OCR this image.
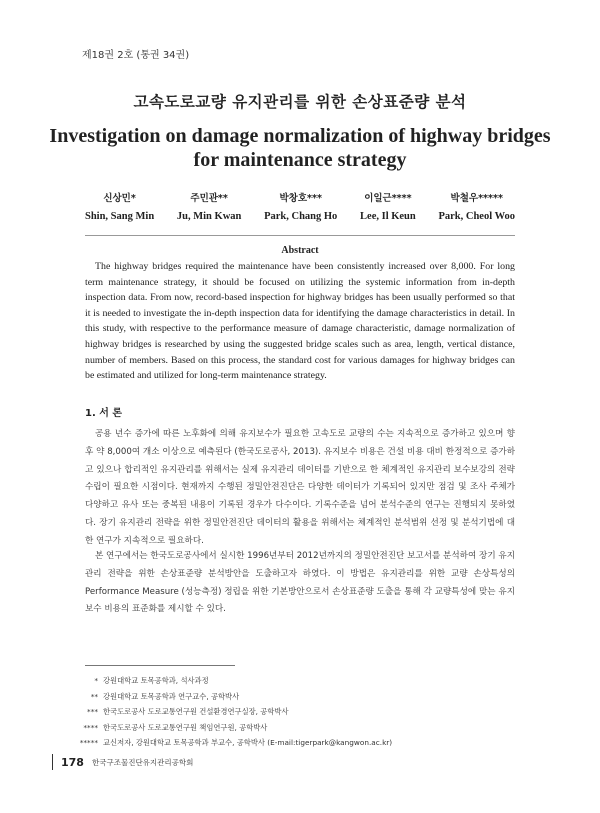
제18권 2호 (통권 34권)
고속도로교량 유지관리를 위한 손상표준량 분석
Investigation on damage normalization of highway bridges
for maintenance strategy
신상민*
Shin, Sang Min
주민관**
Ju, Min Kwan
박창호***
Park, Chang Ho
이일근****
Lee, Il Keun
박철우*****
Park, Cheol Woo
Abstract

The highway bridges required the maintenance have been consistently increased over 8,000. For long term maintenance strategy, it should be focused on utilizing the systemic information from in-depth inspection data. From now, record-based inspection for highway bridges has been usually performed so that it is needed to investigate the in-depth inspection data for identifying the damage characteristics in detail. In this study, with respective to the performance measure of damage characteristic, damage normalization of highway bridges is researched by using the suggested bridge scales such as area, length, vertical distance, number of members. Based on this process, the standard cost for various damages for highway bridges can be estimated and utilized for long-term maintenance strategy.

1. 서 론

공용 년수 증가에 따른 노후화에 의해 유지보수가 필요한 고속도로 교량의 수는 지속적으로 증가하고 있으며 향후 약 8,000여 개소 이상으로 예측된다 (한국도로공사, 2013). 유지보수 비용은 건설 비용 대비 한정적으로 증가하고 있으나 합리적인 유지관리를 위해서는 실제 유지관리 데이터를 기반으로 한 체계적인 유지관리 보수보강의 전략수립이 필요한 시점이다. 현재까지 수행된 정밀안전진단은 다양한 데이터가 기록되어 있지만 점검 및 조사 주체가 다양하고 유사 또는 중복된 내용이 기록된 경우가 다수이다. 기록수준을 넘어 분석수준의 연구는 진행되지 못하였다. 장기 유지관리 전략을 위한 정밀안전진단 데이터의 활용을 위해서는 체계적인 분석범위 선정 및 분석기법에 대한 연구가 지속적으로 필요하다.

본 연구에서는 한국도로공사에서 실시한 1996년부터 2012년까지의 정밀안전진단 보고서를 분석하여 장기 유지관리 전략을 위한 손상표준량 분석방안을 도출하고자 하였다. 이 방법은 유지관리를 위한 교량 손상특성의 Performance Measure (성능측정) 정립을 위한 기본방안으로서 손상표준량 도출을 통해 각 교량특성에 맞는 유지보수 비용의 표준화를 제시할 수 있다.

* 강원대학교 토목공학과, 석사과정
** 강원대학교 토목공학과 연구교수, 공학박사
*** 한국도로공사 도로교통연구원 건설환경연구실장, 공학박사
**** 한국도로공사 도로교통연구원 책임연구원, 공학박사
***** 교신저자, 강원대학교 토목공학과 부교수, 공학박사 (E-mail:tigerpark@kangwon.ac.kr)
178 한국구조물진단유지관리공학회
